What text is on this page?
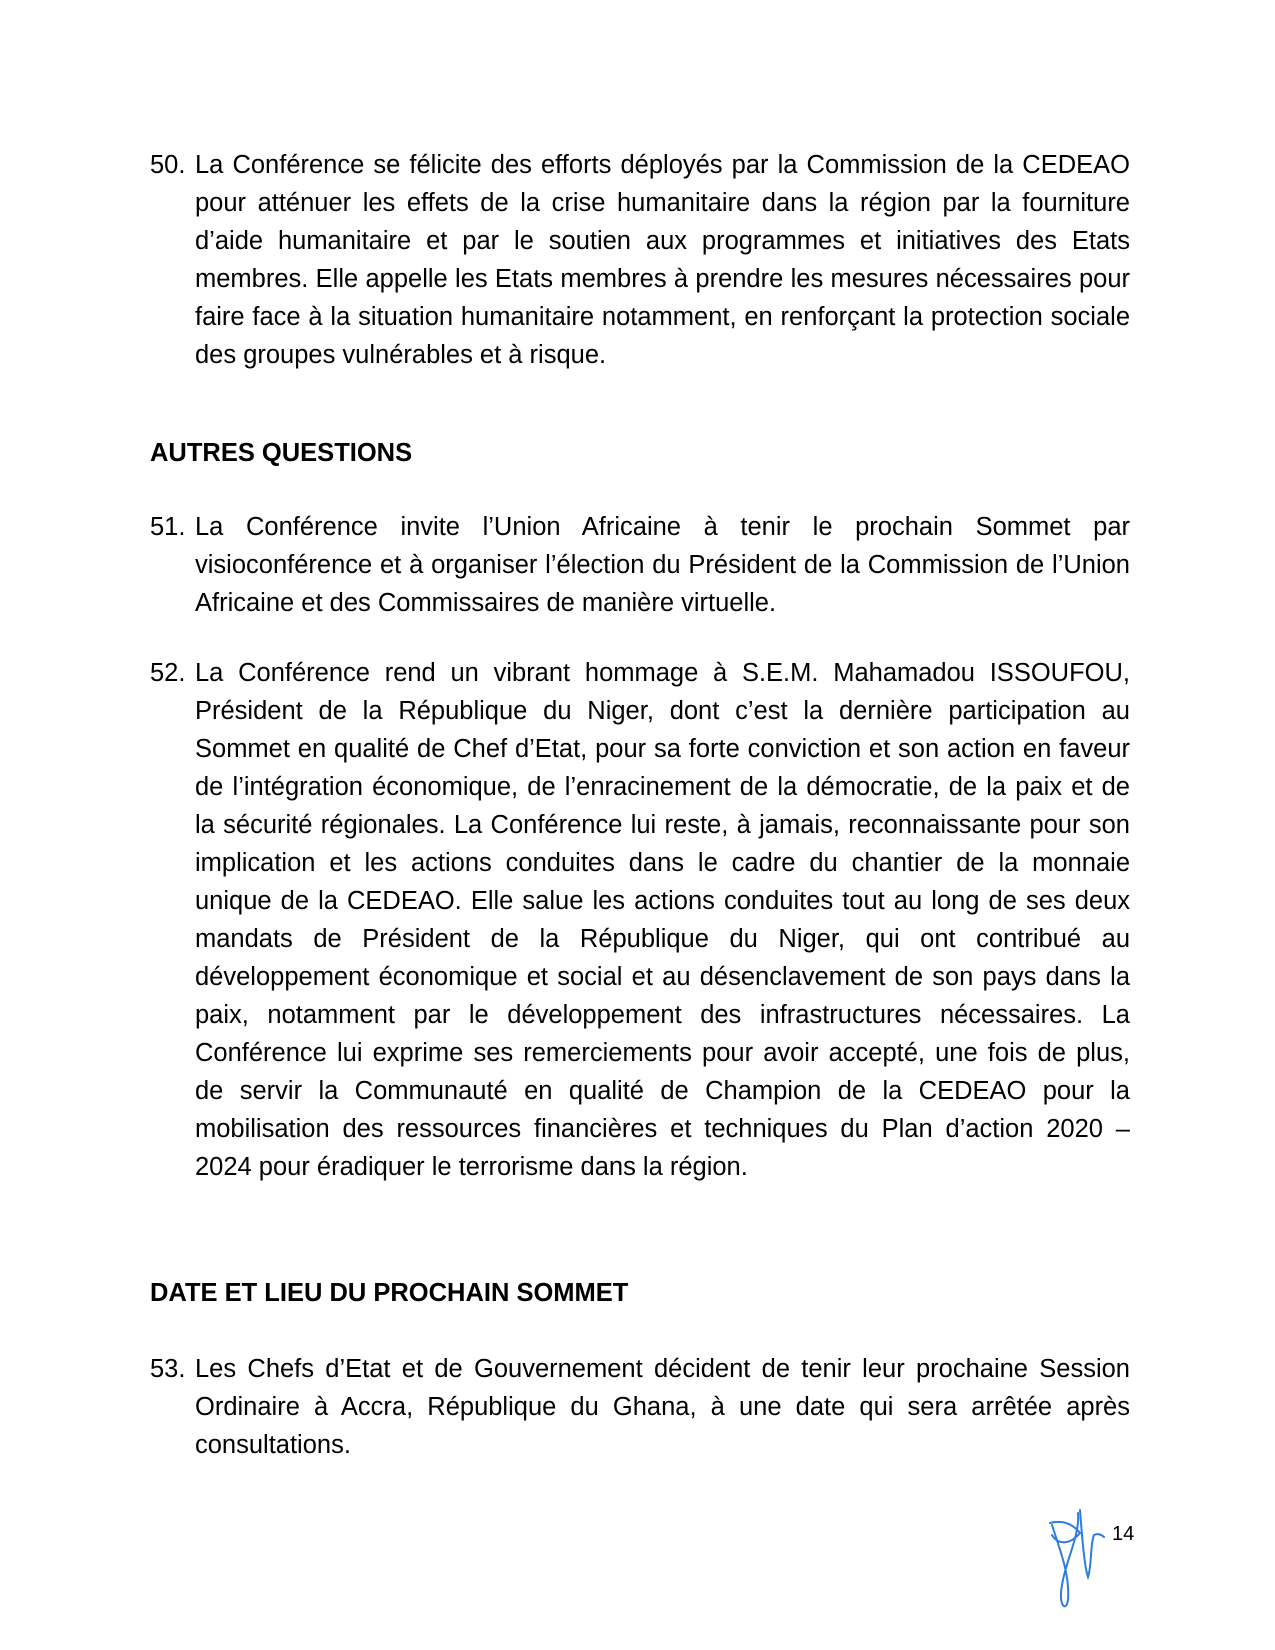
50. La Conférence se félicite des efforts déployés par la Commission de la CEDEAO pour atténuer les effets de la crise humanitaire dans la région par la fourniture d’aide humanitaire et par le soutien aux programmes et initiatives des Etats membres. Elle appelle les Etats membres à prendre les mesures nécessaires pour faire face à la situation humanitaire notamment, en renforçant la protection sociale des groupes vulnérables et à risque.
AUTRES QUESTIONS
51. La Conférence invite l’Union Africaine à tenir le prochain Sommet par visioconférence et à organiser l’élection du Président de la Commission de l’Union Africaine et des Commissaires de manière virtuelle.
52. La Conférence rend un vibrant hommage à S.E.M. Mahamadou ISSOUFOU, Président de la République du Niger, dont c’est la dernière participation au Sommet en qualité de Chef d’Etat, pour sa forte conviction et son action en faveur de l’intégration économique, de l’enracinement de la démocratie, de la paix et de la sécurité régionales. La Conférence lui reste, à jamais, reconnaissante pour son implication et les actions conduites dans le cadre du chantier de la monnaie unique de la CEDEAO. Elle salue les actions conduites tout au long de ses deux mandats de Président de la République du Niger, qui ont contribué au développement économique et social et au désenclavement de son pays dans la paix, notamment par le développement des infrastructures nécessaires. La Conférence lui exprime ses remerciements pour avoir accepté, une fois de plus, de servir la Communauté en qualité de Champion de la CEDEAO pour la mobilisation des ressources financières et techniques du Plan d’action 2020 – 2024 pour éradiquer le terrorisme dans la région.
DATE ET LIEU DU PROCHAIN SOMMET
53. Les Chefs d’Etat et de Gouvernement décident de tenir leur prochaine Session Ordinaire à Accra, République du Ghana, à une date qui sera arrêtée après consultations.
14
